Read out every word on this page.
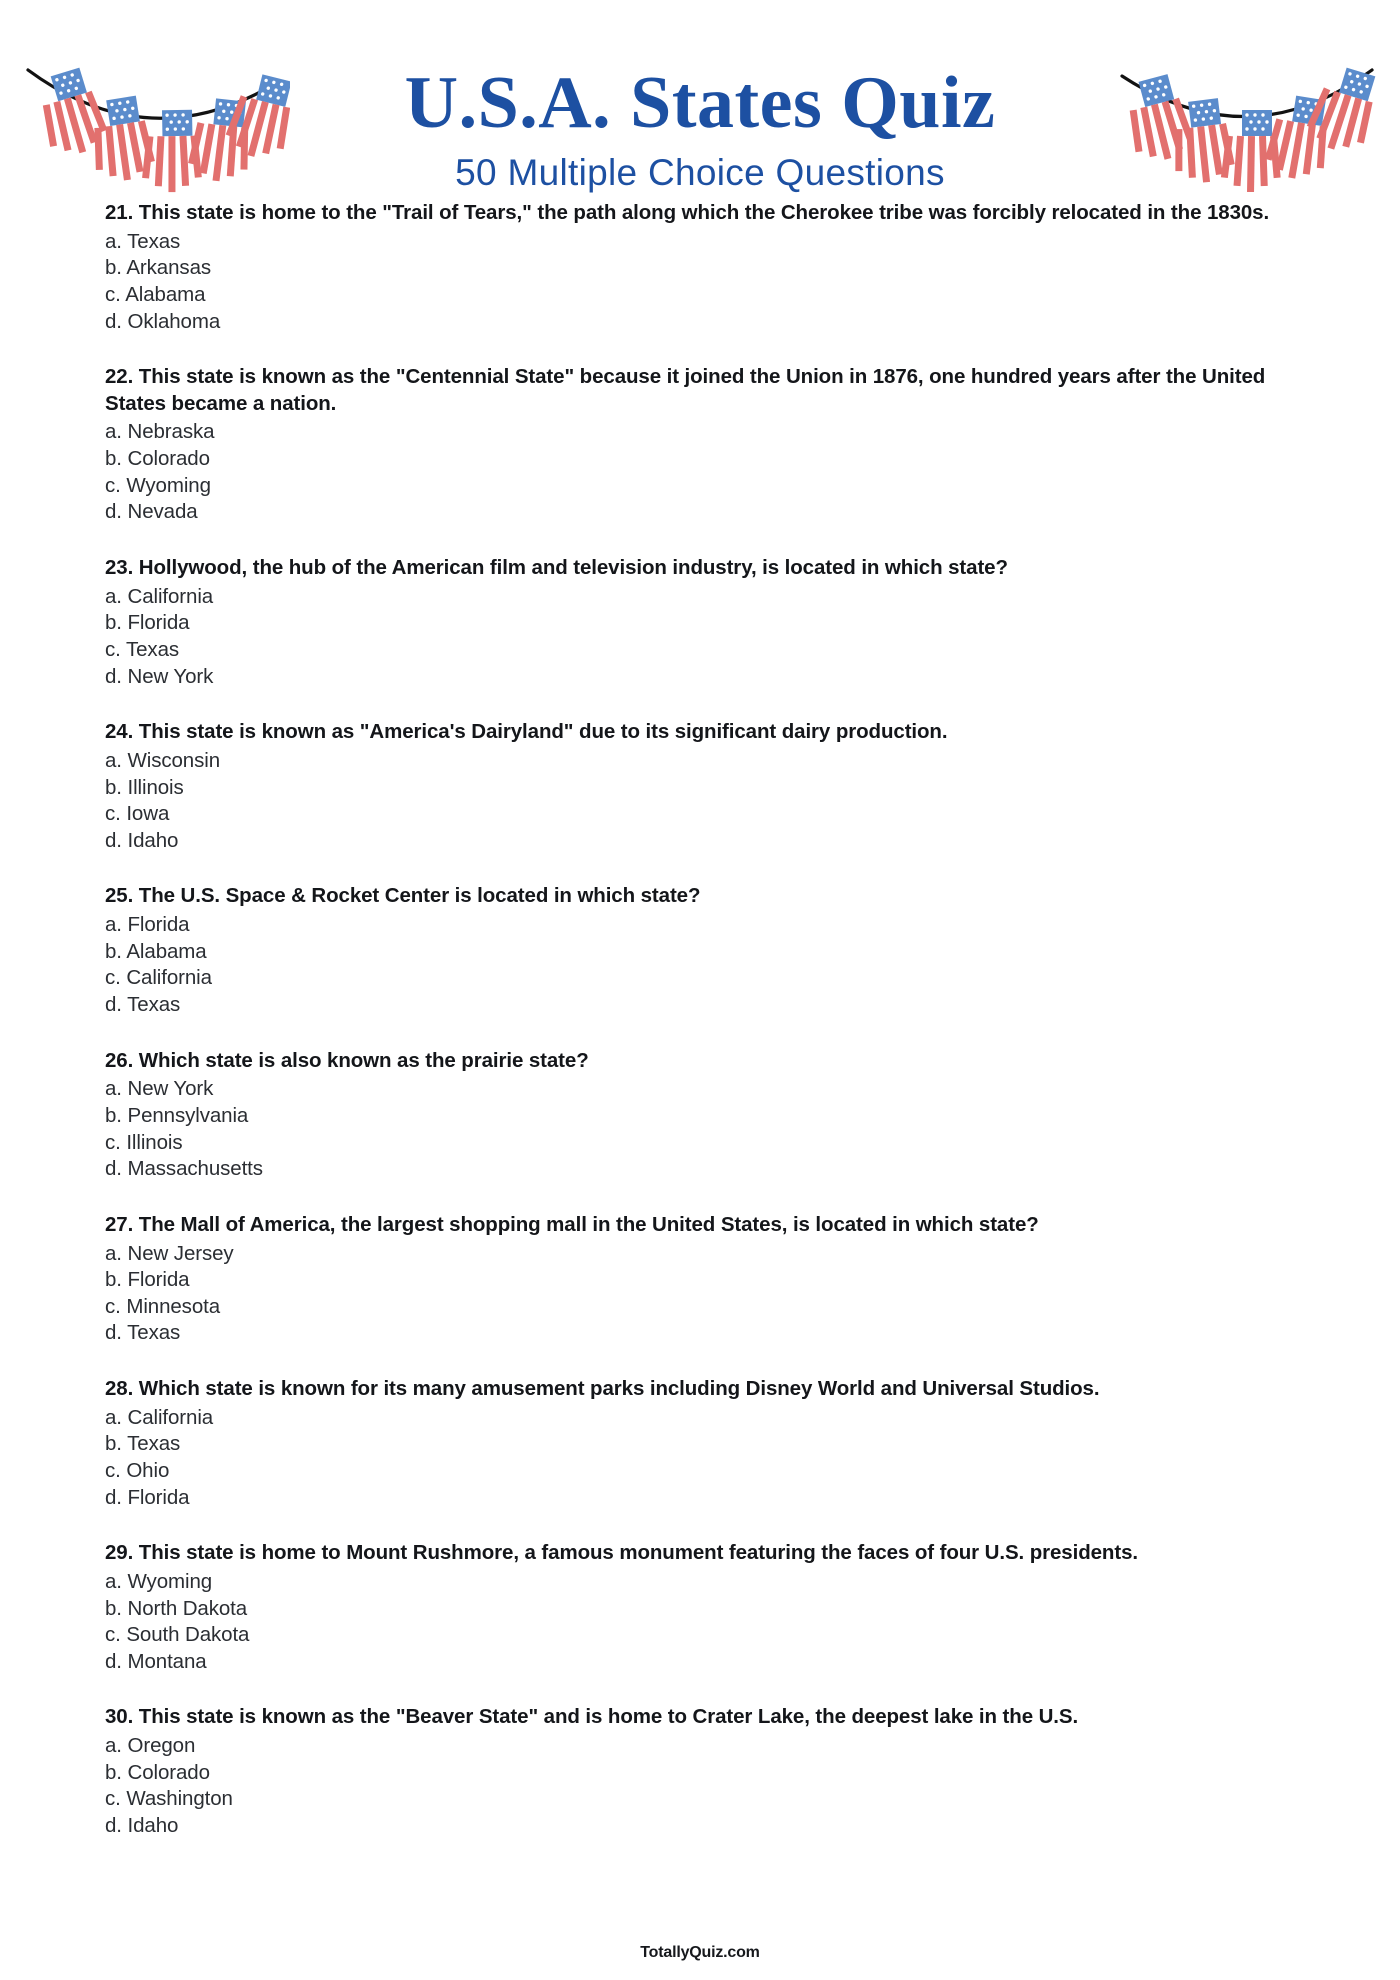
U.S.A. States Quiz
50 Multiple Choice Questions

21. This state is home to the "Trail of Tears," the path along which the Cherokee tribe was forcibly relocated in the 1830s.

a. Texas
b. Arkansas
c. Alabama
d. Oklahoma

22. This state is known as the "Centennial State" because it joined the Union in 1876, one hundred years after the United States became a nation.

a. Nebraska
b. Colorado
c. Wyoming
d. Nevada

23. Hollywood, the hub of the American film and television industry, is located in which state?

a. California
b. Florida
c. Texas
d. New York

24. This state is known as "America's Dairyland" due to its significant dairy production.

a. Wisconsin
b. Illinois
c. Iowa
d. Idaho

25. The U.S. Space & Rocket Center is located in which state?

a. Florida
b. Alabama
c. California
d. Texas

26. Which state is also known as the prairie state?

a. New York
b. Pennsylvania
c. Illinois
d. Massachusetts

27. The Mall of America, the largest shopping mall in the United States, is located in which state?

a. New Jersey
b. Florida
c. Minnesota
d. Texas

28. Which state is known for its many amusement parks including Disney World and Universal Studios.

a. California
b. Texas
c. Ohio
d. Florida

29. This state is home to Mount Rushmore, a famous monument featuring the faces of four U.S. presidents.

a. Wyoming
b. North Dakota
c. South Dakota
d. Montana

30. This state is known as the "Beaver State" and is home to Crater Lake, the deepest lake in the U.S.

a. Oregon
b. Colorado
c. Washington
d. Idaho
TotallyQuiz.com
